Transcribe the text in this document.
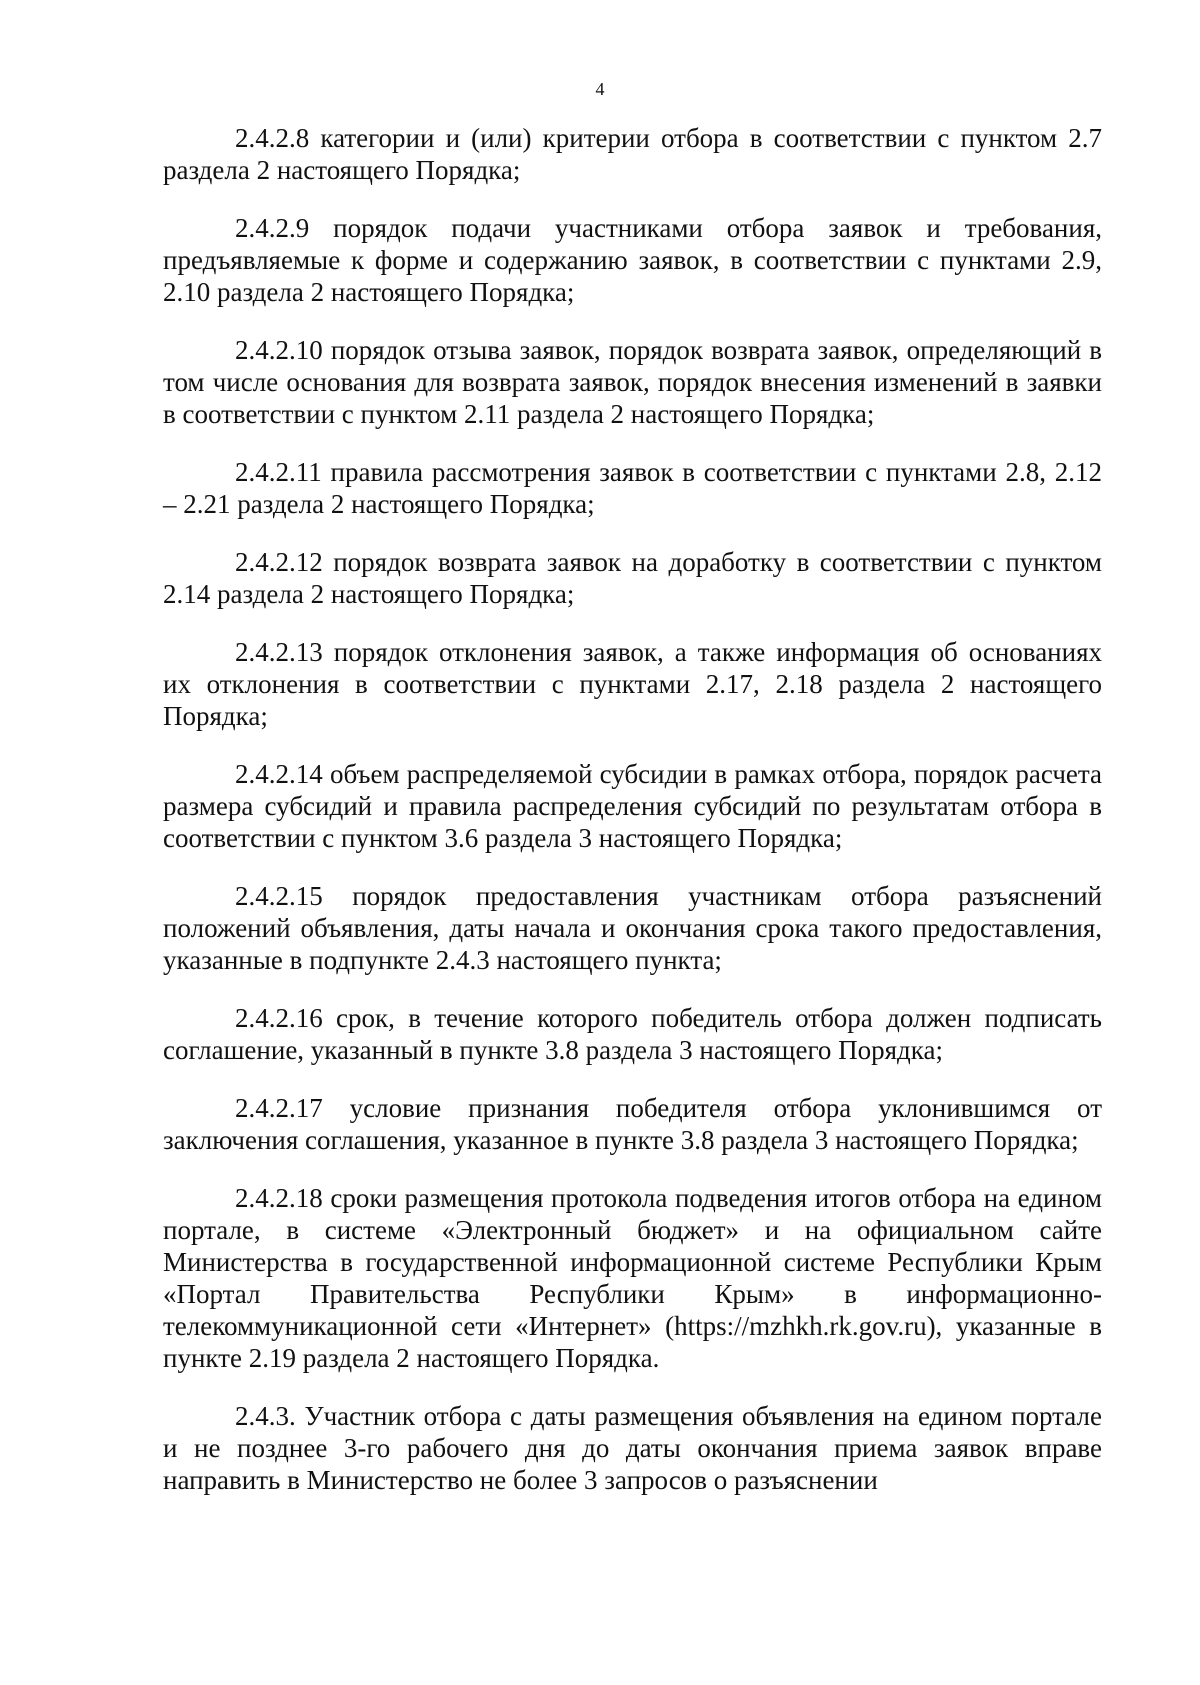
4

2.4.2.8 категории и (или) критерии отбора в соответствии с пунктом 2.7 раздела 2 настоящего Порядка;

2.4.2.9 порядок подачи участниками отбора заявок и требования, предъявляемые к форме и содержанию заявок, в соответствии с пунктами 2.9, 2.10 раздела 2 настоящего Порядка;

2.4.2.10 порядок отзыва заявок, порядок возврата заявок, определяющий в том числе основания для возврата заявок, порядок внесения изменений в заявки в соответствии с пунктом 2.11 раздела 2 настоящего Порядка;

2.4.2.11 правила рассмотрения заявок в соответствии с пунктами 2.8, 2.12 – 2.21 раздела 2 настоящего Порядка;

2.4.2.12 порядок возврата заявок на доработку в соответствии с пунктом 2.14 раздела 2 настоящего Порядка;

2.4.2.13 порядок отклонения заявок, а также информация об основаниях их отклонения в соответствии с пунктами 2.17, 2.18 раздела 2 настоящего Порядка;

2.4.2.14 объем распределяемой субсидии в рамках отбора, порядок расчета размера субсидий и правила распределения субсидий по результатам отбора в соответствии с пунктом 3.6 раздела 3 настоящего Порядка;

2.4.2.15 порядок предоставления участникам отбора разъяснений положений объявления, даты начала и окончания срока такого предоставления, указанные в подпункте 2.4.3 настоящего пункта;

2.4.2.16 срок, в течение которого победитель отбора должен подписать соглашение, указанный в пункте 3.8 раздела 3 настоящего Порядка;

2.4.2.17 условие признания победителя отбора уклонившимся от заключения соглашения, указанное в пункте 3.8 раздела 3 настоящего Порядка;

2.4.2.18 сроки размещения протокола подведения итогов отбора на едином портале, в системе «Электронный бюджет» и на официальном сайте Министерства в государственной информационной системе Республики Крым «Портал Правительства Республики Крым» в информационно-телекоммуникационной сети «Интернет» (https://mzhkh.rk.gov.ru), указанные в пункте 2.19 раздела 2 настоящего Порядка.

2.4.3. Участник отбора с даты размещения объявления на едином портале и не позднее 3-го рабочего дня до даты окончания приема заявок вправе направить в Министерство не более 3 запросов о разъяснении
